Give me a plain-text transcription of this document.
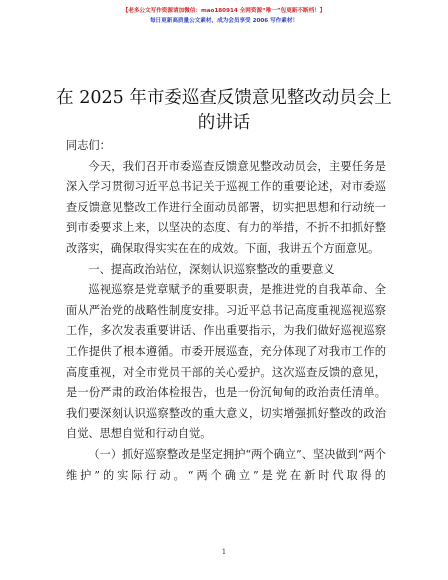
【老多公文写作资源请加微信：mao180914 全网资源“唯一”包更新不断档！】
每日更新高质量公文素材，成为会员享受 2006 写作素材！
在 2025 年市委巡查反馈意见整改动员会上的讲话

同志们：

今天，我们召开市委巡查反馈意见整改动员会，主要任务是深入学习贯彻习近平总书记关于巡视工作的重要论述，对市委巡查反馈意见整改工作进行全面动员部署，切实把思想和行动统一到市委要求上来，以坚决的态度、有力的举措，不折不扣抓好整改落实，确保取得实实在在的成效。下面，我讲五个方面意见。

一、提高政治站位，深刻认识巡察整改的重要意义

巡视巡察是党章赋予的重要职责，是推进党的自我革命、全面从严治党的战略性制度安排。习近平总书记高度重视巡视巡察工作，多次发表重要讲话、作出重要指示，为我们做好巡视巡察工作提供了根本遵循。市委开展巡查，充分体现了对我市工作的高度重视，对全市党员干部的关心爱护。这次巡查反馈的意见，是一份严肃的政治体检报告，也是一份沉甸甸的政治责任清单。我们要深刻认识巡察整改的重大意义，切实增强抓好整改的政治自觉、思想自觉和行动自觉。

（一）抓好巡察整改是坚定拥护“两个确立”、坚决做到“两个维护”的实际行动。“两个确立”是党在新时代取得的

1
